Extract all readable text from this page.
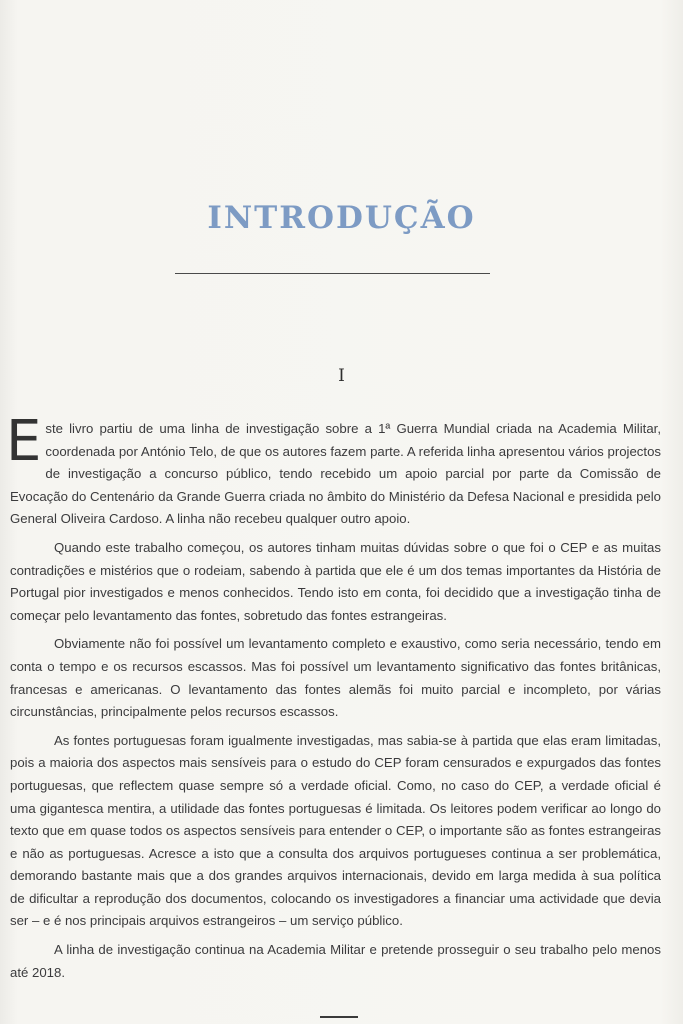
INTRODUÇÃO
I

Este livro partiu de uma linha de investigação sobre a 1ª Guerra Mundial criada na Academia Militar, coordenada por António Telo, de que os autores fazem parte. A referida linha apresentou vários projectos de investigação a concurso público, tendo recebido um apoio parcial por parte da Comissão de Evocação do Centenário da Grande Guerra criada no âmbito do Ministério da Defesa Nacional e presidida pelo General Oliveira Cardoso. A linha não recebeu qualquer outro apoio.

Quando este trabalho começou, os autores tinham muitas dúvidas sobre o que foi o CEP e as muitas contradições e mistérios que o rodeiam, sabendo à partida que ele é um dos temas importantes da História de Portugal pior investigados e menos conhecidos. Tendo isto em conta, foi decidido que a investigação tinha de começar pelo levantamento das fontes, sobretudo das fontes estrangeiras.

Obviamente não foi possível um levantamento completo e exaustivo, como seria necessário, tendo em conta o tempo e os recursos escassos. Mas foi possível um levantamento significativo das fontes britânicas, francesas e americanas. O levantamento das fontes alemãs foi muito parcial e incompleto, por várias circunstâncias, principalmente pelos recursos escassos.

As fontes portuguesas foram igualmente investigadas, mas sabia-se à partida que elas eram limitadas, pois a maioria dos aspectos mais sensíveis para o estudo do CEP foram censurados e expurgados das fontes portuguesas, que reflectem quase sempre só a verdade oficial. Como, no caso do CEP, a verdade oficial é uma gigantesca mentira, a utilidade das fontes portuguesas é limitada. Os leitores podem verificar ao longo do texto que em quase todos os aspectos sensíveis para entender o CEP, o importante são as fontes estrangeiras e não as portuguesas. Acresce a isto que a consulta dos arquivos portugueses continua a ser problemática, demorando bastante mais que a dos grandes arquivos internacionais, devido em larga medida à sua política de dificultar a reprodução dos documentos, colocando os investigadores a financiar uma actividade que devia ser – e é nos principais arquivos estrangeiros – um serviço público.

A linha de investigação continua na Academia Militar e pretende prosseguir o seu trabalho pelo menos até 2018.
